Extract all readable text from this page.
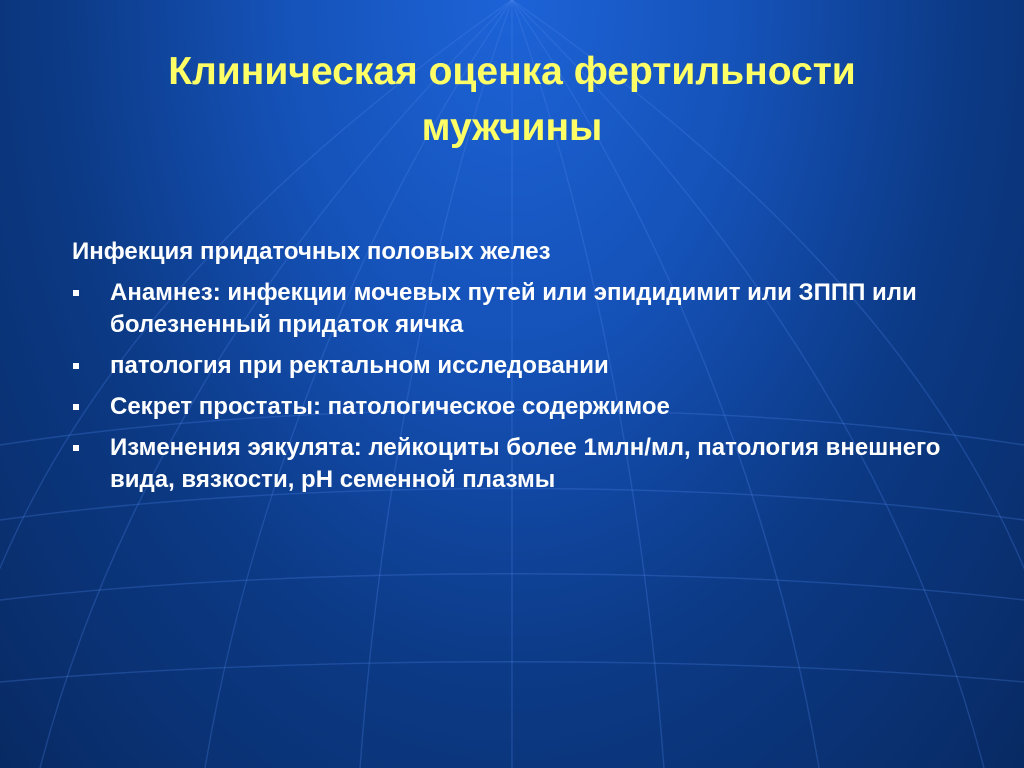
Клиническая оценка фертильности
мужчины
Инфекция придаточных половых желез
Анамнез: инфекции мочевых путей или эпидидимит или ЗППП или болезненный придаток яичка
патология при ректальном исследовании
Секрет простаты: патологическое содержимое
Изменения эякулята: лейкоциты более 1млн/мл, патология внешнего вида, вязкости, рН семенной плазмы
